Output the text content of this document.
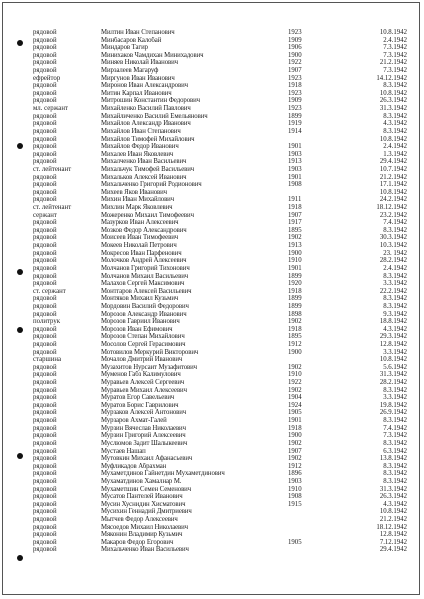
рядовой	Милтин Иван Степанович	1923	10.8.1942
рядовой	Минбасаров Калобай	1909	2.4.1942
рядовой	Миндаров Тагир	1906	7.3.1942
рядовой	Минихаков Чамдихан Минихадович	1900	7.3.1942
рядовой	Миняев Николай Иванович	1922	21.2.1942
рядовой	Мирзалеев Магаруф	1907	7.3.1942
ефрейтор	Миргунов Иван Иванович	1923	14.12.1942
рядовой	Миронов Иван Александрович	1918	8.3.1942
рядовой	Митин Карпал Иванович	1923	10.8.1942
рядовой	Митрошин Константин Федорович	1909	26.3.1942
мл. сержант	Михайленко Василий Павлович	1923	31.3.1942
рядовой	Михайличенко Василий Емельянович	1899	8.3.1942
рядовой	Михайлов Александр Иванович	1919	4.3.1942
рядовой	Михайлов Иван Степанович	1914	8.3.1942
рядовой	Михайлов Тимофей Михайлович	10.8.1942
рядовой	Михайлов Федор Иванович	1901	2.4.1942
рядовой	Михалев Иван Яковлевич	1903	1.3.1942
рядовой	Михалченко Иван Васильевич	1913	29.4.1942
ст. лейтенант	Михальчук Тимофей Васильевич	1903	10.7.1942
рядовой	Михальков Алексей Иванович	1901	21.2.1942
рядовой	Михальченко Григорий Родионович	1908	17.1.1942
рядовой	Михеев Яков Иванович	10.8.1942
рядовой	Михин Иван Михайлович	1911	24.2.1942
ст. лейтенант	Михлин Марк Яковлевич	1918	18.12.1942
сержант	Можеренко Михаил Тимофеевич	1907	23.2.1942
рядовой	Мазурков Иван Алексеевич	1917	7.4.1942
рядовой	Мозков Федор Александрович	1895	8.3.1942
рядовой	Моисеев Иван Тимофеевич	1902	30.3.1942
рядовой	Мокеев Николай Петрович	1913	10.3.1942
рядовой	Мокресов Иван Парфенович	1900	23. 1942
рядовой	Молочков Андрей Алексеевич	1910	28.2.1942
рядовой	Молчанов Григорий Тихонович	1901	2.4.1942
рядовой	Молчанов Михаил Васильевич	1899	8.3.1942
рядовой	Малахов Сергей Максимович	1920	3.3.1942
ст. сержант	Монтгаров Алексей Васильевич	1918	22.2.1942
рядовой	Монтяков Михаил Кузьмич	1899	8.3.1942
рядовой	Мордовин Василий Федорович	1899	8.3.1942
рядовой	Морозов Александр Иванович	1898	9.3.1942
политрук	Морозов Гавриил Иванович	1902	18.8.1942
рядовой	Морозов Иван Ефимович	1918	4.3.1942
рядовой	Морозов Степан Михайлович	1895	29.3.1942
рядовой	Мосолов Сергей Герасимович	1912	12.8.1942
рядовой	Мотовилов Меркурий Викторович	1900	3.3.1942
старшина	Мочалов Дмитрий Иванович	10.8.1942
рядовой	Музахитов Нурсаит Музафитович	1902	5.6.1942
рядовой	Муменов Габз Калимулович	1910	31.3.1942
рядовой	Муравьев Алексей Сергеевич	1922	28.2.1942
рядовой	Муравьев Михаил Алексеевич	1902	8.3.1942
рядовой	Муратов Егор Савельевич	1904	3.3.1942
рядовой	Муратов Борис Гаврилович	1924	19.8.1942
рядовой	Мурзаков Алексей Антонович	1905	26.9.1942
рядовой	Мурзаров Ахмат-Галей	1901	8.3.1942
рядовой	Мурзин Вячеслав Николаевич	1918	7.4.1942
рядовой	Мурзин Григорий Алексеевич	1900	7.3.1942
рядовой	Муслюмов Задит Шалыкеевич	1902	8.3.1942
рядовой	Мустаев Нашап	1907	6.3.1942
рядовой	Мутовкин Михаил Афанасьевич	1902	13.8.1942
рядовой	Муфликадов Абрахман	1912	8.3.1942
рядовой	Мухаметдинов Гайнетдин Мухаметдинович	1896	8.3.1942
рядовой	Мухаматдинов Хамалнар М.	1903	8.3.1942
рядовой	Мухаметшин Семен Семенович	1910	31.3.1942
рядовой	Мусатов Пантелей Иванович	1908	26.3.1942
рядовой	Мусин Хуснидин Хисматович	1915	4.3.1942
рядовой	Мусихин Геннадий Дмитриевич	10.8.1942
рядовой	Мытчев Федор Алексеевич	21.2.1942
рядовой	Мясоедов Михаил Николаевич	18.12.1942
рядовой	Мяконин Владимир Кузьмич	12.8.1942
рядовой	Макаров Федор Егорович	1905	7.12.1942
рядовой	Михальченко Иван Васильевич	29.4.1942
